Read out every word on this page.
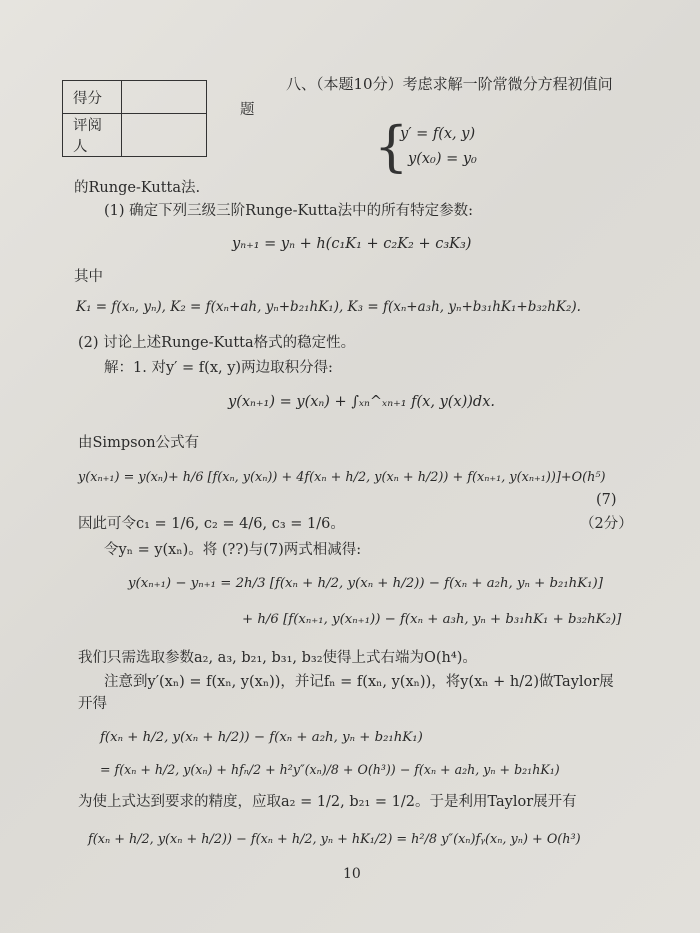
得分	
评阅人	
八、（本题10分）考虑求解一阶常微分方程初值问
题
{
y′ = f(x, y)
y(x₀) = y₀
的Runge-Kutta法.
(1) 确定下列三级三阶Runge-Kutta法中的所有特定参数:
yₙ₊₁ = yₙ + h(c₁K₁ + c₂K₂ + c₃K₃)
其中
K₁ = f(xₙ, yₙ), K₂ = f(xₙ+ah, yₙ+b₂₁hK₁), K₃ = f(xₙ+a₃h, yₙ+b₃₁hK₁+b₃₂hK₂).
(2) 讨论上述Runge-Kutta格式的稳定性。
解：1. 对y′ = f(x, y)两边取积分得:
y(xₙ₊₁) = y(xₙ) + ∫ₓₙ^ₓₙ₊₁ f(x, y(x))dx.
由Simpson公式有
y(xₙ₊₁) = y(xₙ)+ h/6 [f(xₙ, y(xₙ)) + 4f(xₙ + h/2, y(xₙ + h/2)) + f(xₙ₊₁, y(xₙ₊₁))]+O(h⁵)
(7)
因此可令c₁ = 1/6, c₂ = 4/6, c₃ = 1/6。	（2分）
令yₙ = y(xₙ)。将 (??)与(7)两式相减得:
y(xₙ₊₁) − yₙ₊₁ = 2h/3 [f(xₙ + h/2, y(xₙ + h/2)) − f(xₙ + a₂h, yₙ + b₂₁hK₁)]
+ h/6 [f(xₙ₊₁, y(xₙ₊₁)) − f(xₙ + a₃h, yₙ + b₃₁hK₁ + b₃₂hK₂)]
我们只需选取参数a₂, a₃, b₂₁, b₃₁, b₃₂使得上式右端为O(h⁴)。
注意到y′(xₙ) = f(xₙ, y(xₙ))，并记fₙ = f(xₙ, y(xₙ))，将y(xₙ + h/2)做Taylor展
开得
f(xₙ + h/2, y(xₙ + h/2)) − f(xₙ + a₂h, yₙ + b₂₁hK₁)
= f(xₙ + h/2, y(xₙ) + hfₙ/2 + h²y″(xₙ)/8 + O(h³)) − f(xₙ + a₂h, yₙ + b₂₁hK₁)
为使上式达到要求的精度，应取a₂ = 1/2, b₂₁ = 1/2。于是利用Taylor展开有
f(xₙ + h/2, y(xₙ + h/2)) − f(xₙ + h/2, yₙ + hK₁/2) = h²/8 y″(xₙ)fᵧ(xₙ, yₙ) + O(h³)
10
